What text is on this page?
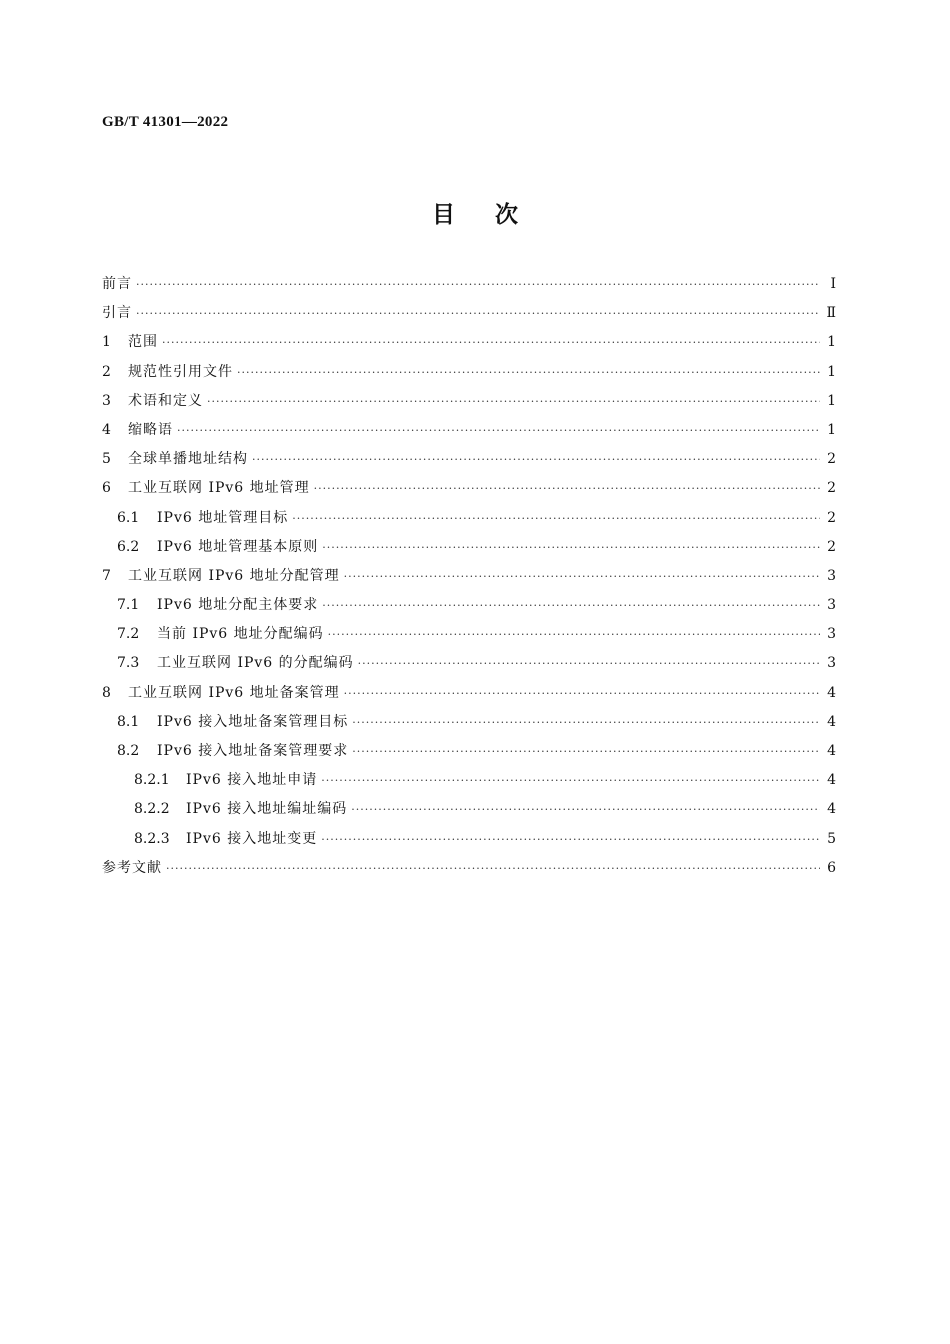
GB/T 41301—2022
目次
前言 ·····	Ⅰ
引言 ·····	Ⅱ
1	范围 ·····	1
2	规范性引用文件 ·····	1
3	术语和定义 ·····	1
4	缩略语 ·····	1
5	全球单播地址结构 ·····	2
6	工业互联网 IPv6 地址管理 ·····	2
6.1	IPv6 地址管理目标 ·····	2
6.2	IPv6 地址管理基本原则 ·····	2
7	工业互联网 IPv6 地址分配管理 ·····	3
7.1	IPv6 地址分配主体要求 ·····	3
7.2	当前 IPv6 地址分配编码 ·····	3
7.3	工业互联网 IPv6 的分配编码 ·····	3
8	工业互联网 IPv6 地址备案管理 ·····	4
8.1	IPv6 接入地址备案管理目标 ·····	4
8.2	IPv6 接入地址备案管理要求 ·····	4
8.2.1	IPv6 接入地址申请 ·····	4
8.2.2	IPv6 接入地址编址编码 ·····	4
8.2.3	IPv6 接入地址变更 ·····	5
参考文献 ·····	6
